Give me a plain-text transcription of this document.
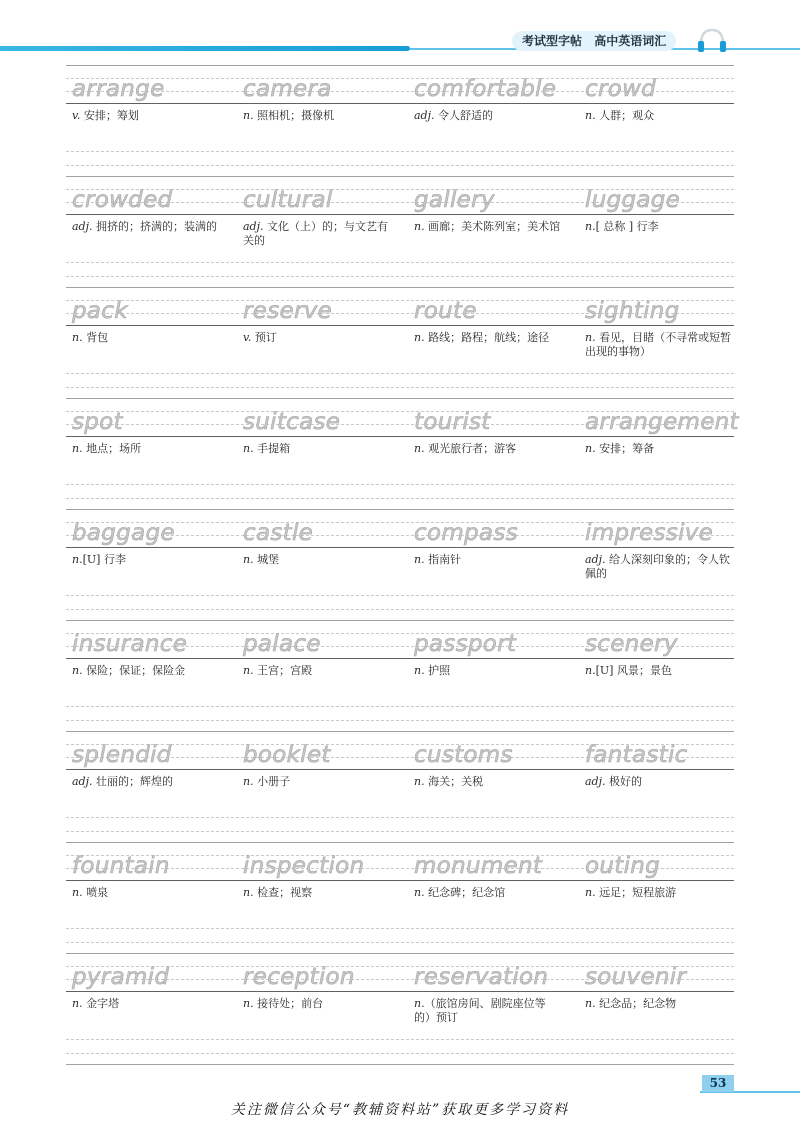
考试型字帖 高中英语词汇
arrange
v. 安排；筹划
camera
n. 照相机；摄像机
comfortable
adj. 令人舒适的
crowd
n. 人群；观众
crowded
adj. 拥挤的；挤满的；装满的
cultural
adj. 文化（上）的；与文艺有关的
gallery
n. 画廊；美术陈列室；美术馆
luggage
n.[ 总称 ] 行李
pack
n. 背包
reserve
v. 预订
route
n. 路线；路程；航线；途径
sighting
n. 看见，目睹（不寻常或短暂出现的事物）
spot
n. 地点；场所
suitcase
n. 手提箱
tourist
n. 观光旅行者；游客
arrangement
n. 安排；筹备
baggage
n.[U] 行李
castle
n. 城堡
compass
n. 指南针
impressive
adj. 给人深刻印象的；令人钦佩的
insurance
n. 保险；保证；保险金
palace
n. 王宫；宫殿
passport
n. 护照
scenery
n.[U] 风景；景色
splendid
adj. 壮丽的；辉煌的
booklet
n. 小册子
customs
n. 海关；关税
fantastic
adj. 极好的
fountain
n. 喷泉
inspection
n. 检查；视察
monument
n. 纪念碑；纪念馆
outing
n. 远足；短程旅游
pyramid
n. 金字塔
reception
n. 接待处；前台
reservation
n.（旅馆房间、剧院座位等的）预订
souvenir
n. 纪念品；纪念物
53
关注微信公众号“教辅资料站”获取更多学习资料
